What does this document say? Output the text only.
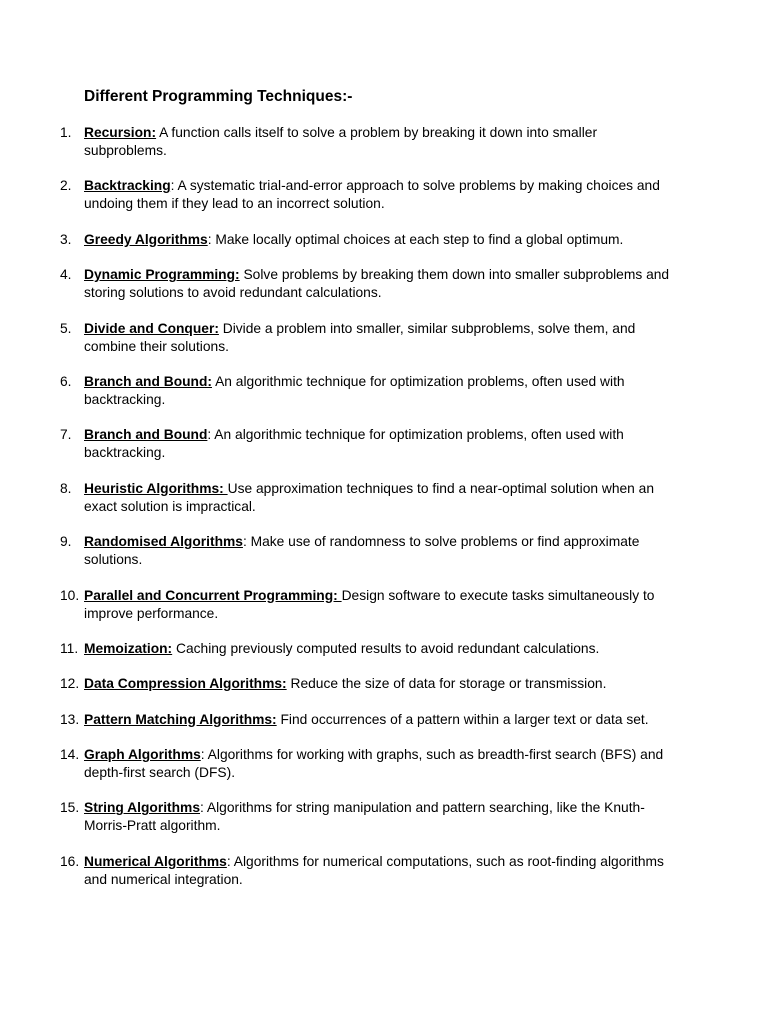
Different Programming Techniques:-
1. Recursion: A function calls itself to solve a problem by breaking it down into smaller subproblems.
2. Backtracking: A systematic trial-and-error approach to solve problems by making choices and undoing them if they lead to an incorrect solution.
3. Greedy Algorithms: Make locally optimal choices at each step to find a global optimum.
4. Dynamic Programming: Solve problems by breaking them down into smaller subproblems and storing solutions to avoid redundant calculations.
5. Divide and Conquer: Divide a problem into smaller, similar subproblems, solve them, and combine their solutions.
6. Branch and Bound: An algorithmic technique for optimization problems, often used with backtracking.
7. Branch and Bound: An algorithmic technique for optimization problems, often used with backtracking.
8. Heuristic Algorithms: Use approximation techniques to find a near-optimal solution when an exact solution is impractical.
9. Randomised Algorithms: Make use of randomness to solve problems or find approximate solutions.
10. Parallel and Concurrent Programming: Design software to execute tasks simultaneously to improve performance.
11. Memoization: Caching previously computed results to avoid redundant calculations.
12. Data Compression Algorithms: Reduce the size of data for storage or transmission.
13. Pattern Matching Algorithms: Find occurrences of a pattern within a larger text or data set.
14. Graph Algorithms: Algorithms for working with graphs, such as breadth-first search (BFS) and depth-first search (DFS).
15. String Algorithms: Algorithms for string manipulation and pattern searching, like the Knuth-Morris-Pratt algorithm.
16. Numerical Algorithms: Algorithms for numerical computations, such as root-finding algorithms and numerical integration.
